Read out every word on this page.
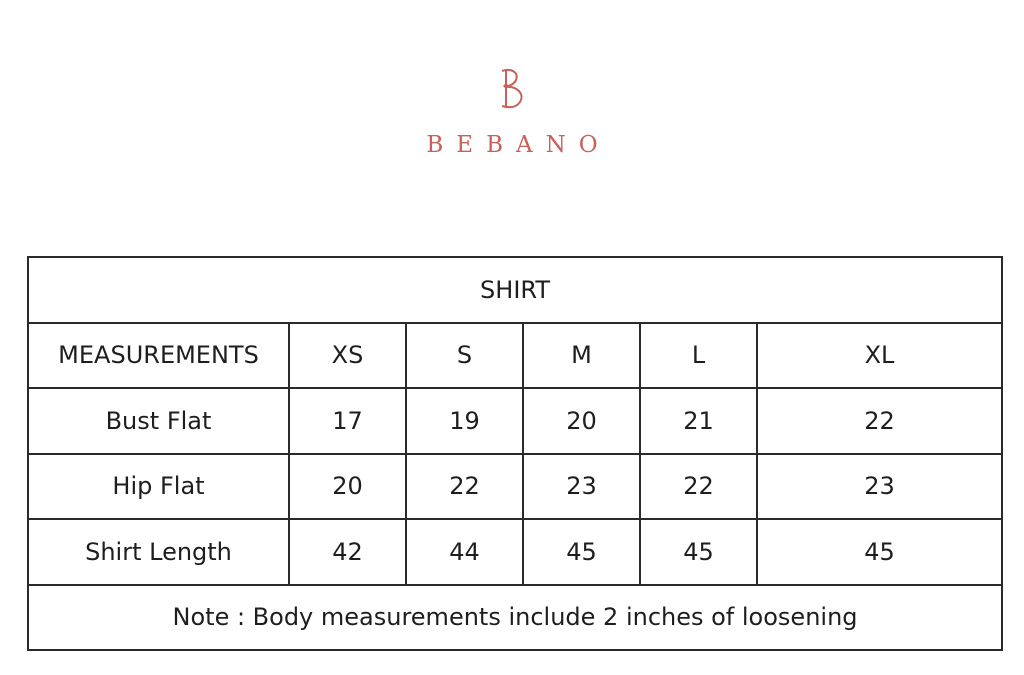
BEBANO
SHIRT					
MEASUREMENTS	XS	S	M	L	XL
Bust Flat	17	19	20	21	22
Hip Flat	20	22	23	22	23
Shirt Length	42	44	45	45	45
Note : Body measurements include 2 inches of loosening					
